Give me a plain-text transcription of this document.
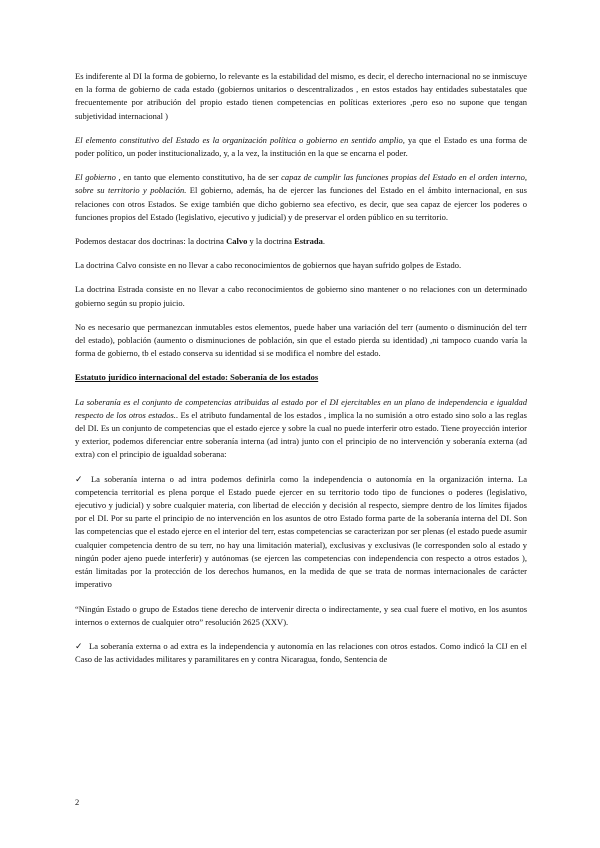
Es indiferente al DI la forma de gobierno, lo relevante es la estabilidad del mismo, es decir, el derecho internacional no se inmiscuye en la forma de gobierno de cada estado (gobiernos unitarios o descentralizados , en estos estados hay entidades subestatales que frecuentemente por atribución del propio estado tienen competencias en políticas exteriores ,pero eso no supone que tengan subjetividad internacional )

El elemento constitutivo del Estado es la organización política o gobierno en sentido amplio, ya que el Estado es una forma de poder político, un poder institucionalizado, y, a la vez, la institución en la que se encarna el poder.

El gobierno , en tanto que elemento constitutivo, ha de ser capaz de cumplir las funciones propias del Estado en el orden interno, sobre su territorio y población. El gobierno, además, ha de ejercer las funciones del Estado en el ámbito internacional, en sus relaciones con otros Estados. Se exige también que dicho gobierno sea efectivo, es decir, que sea capaz de ejercer los poderes o funciones propios del Estado (legislativo, ejecutivo y judicial) y de preservar el orden público en su territorio.

Podemos destacar dos doctrinas: la doctrina Calvo y la doctrina Estrada.

La doctrina Calvo consiste en no llevar a cabo reconocimientos de gobiernos que hayan sufrido golpes de Estado.

La doctrina Estrada consiste en no llevar a cabo reconocimientos de gobierno sino mantener o no relaciones con un determinado gobierno según su propio juicio.

No es necesario que permanezcan inmutables estos elementos, puede haber una variación del terr (aumento o disminución del terr del estado), población (aumento o disminuciones de población, sin que el estado pierda su identidad) ,ni tampoco cuando varía la forma de gobierno, tb el estado conserva su identidad si se modifica el nombre del estado.

Estatuto jurídico internacional del estado: Soberanía de los estados

La soberanía es el conjunto de competencias atribuidas al estado por el DI ejercitables en un plano de independencia e igualdad respecto de los otros estados.. Es el atributo fundamental de los estados , implica la no sumisión a otro estado sino solo a las reglas del DI. Es un conjunto de competencias que el estado ejerce y sobre la cual no puede interferir otro estado. Tiene proyección interior y exterior, podemos diferenciar entre soberanía interna (ad intra) junto con el principio de no intervención y soberanía externa (ad extra) con el principio de igualdad soberana:

✓ La soberanía interna o ad intra podemos definirla como la independencia o autonomía en la organización interna. La competencia territorial es plena porque el Estado puede ejercer en su territorio todo tipo de funciones o poderes (legislativo, ejecutivo y judicial) y sobre cualquier materia, con libertad de elección y decisión al respecto, siempre dentro de los límites fijados por el DI. Por su parte el principio de no intervención en los asuntos de otro Estado forma parte de la soberanía interna del DI. Son las competencias que el estado ejerce en el interior del terr, estas competencias se caracterizan por ser plenas (el estado puede asumir cualquier competencia dentro de su terr, no hay una limitación material), exclusivas y exclusivas (le corresponden solo al estado y ningún poder ajeno puede interferir) y autónomas (se ejercen las competencias con independencia con respecto a otros estados ), están limitadas por la protección de los derechos humanos, en la medida de que se trata de normas internacionales de carácter imperativo

“Ningún Estado o grupo de Estados tiene derecho de intervenir directa o indirectamente, y sea cual fuere el motivo, en los asuntos internos o externos de cualquier otro” resolución 2625 (XXV).

✓ La soberanía externa o ad extra es la independencia y autonomía en las relaciones con otros estados. Como indicó la CIJ en el Caso de las actividades militares y paramilitares en y contra Nicaragua, fondo, Sentencia de

2
